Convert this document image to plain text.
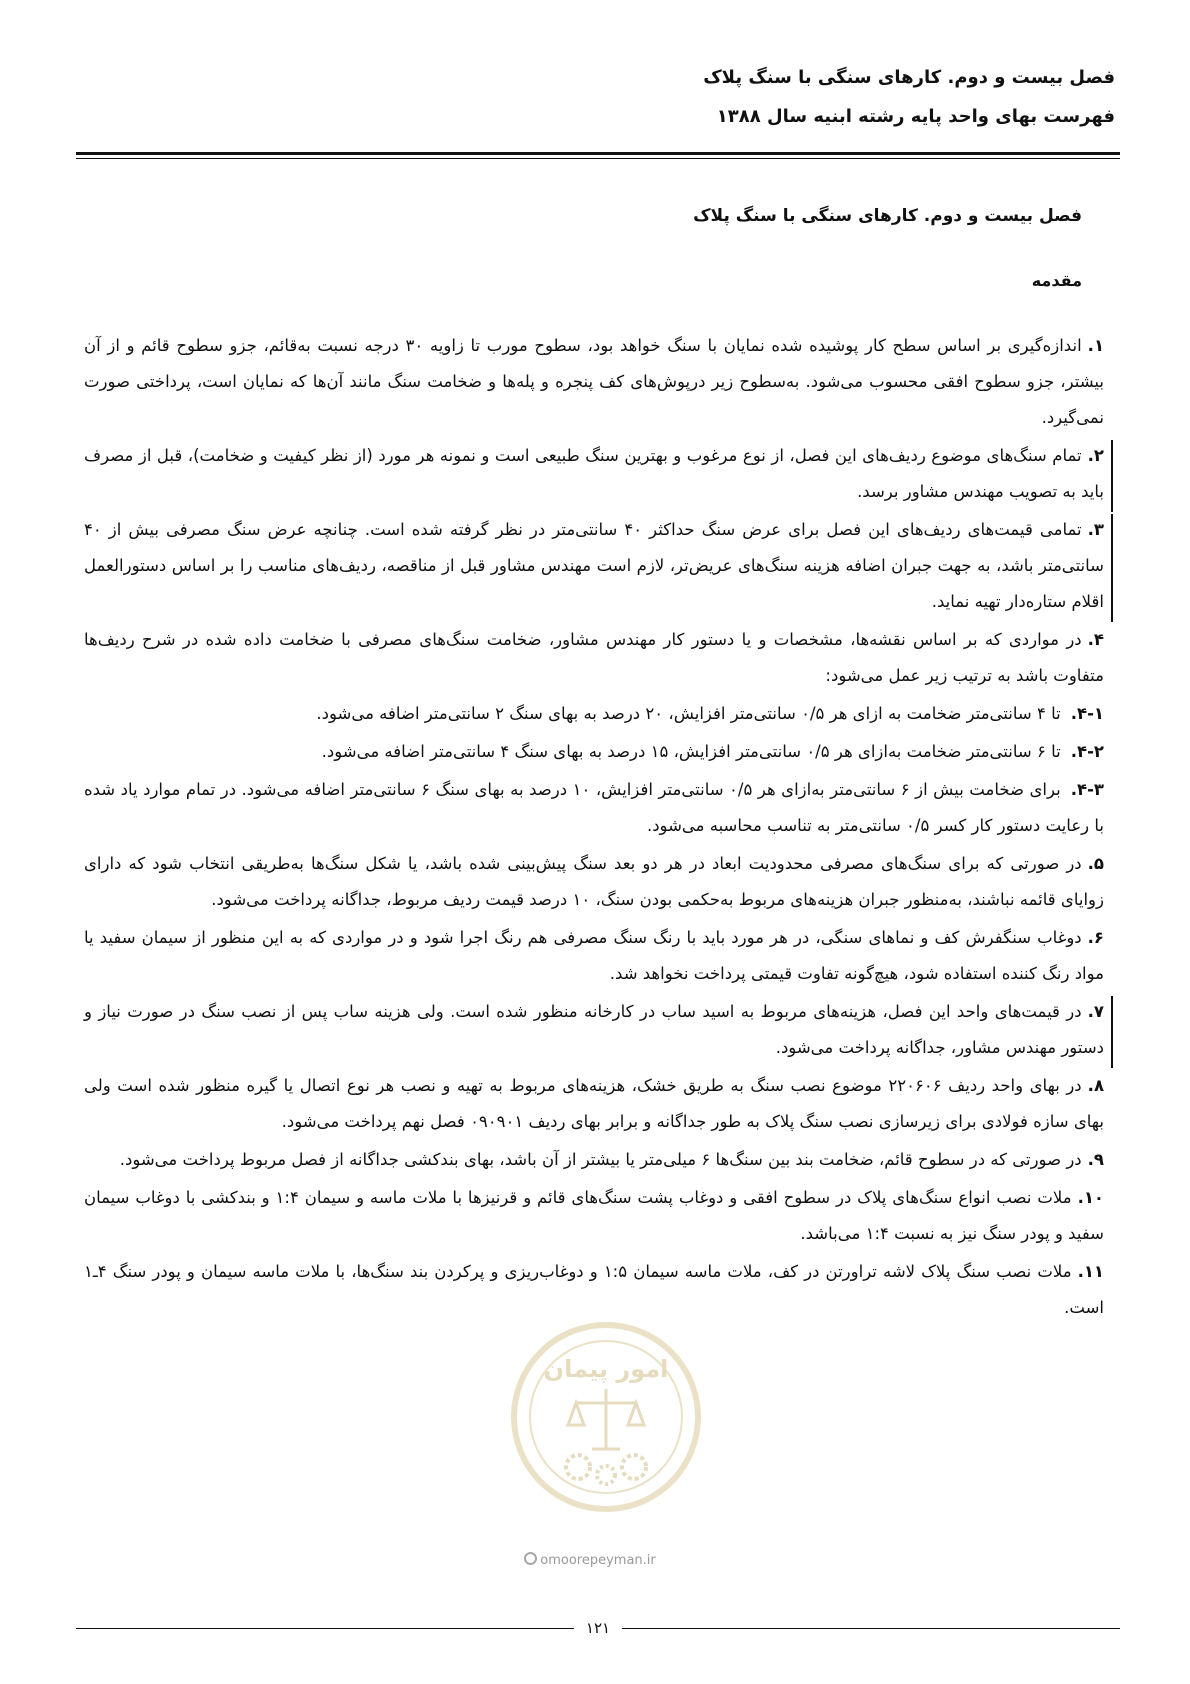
فصل بیست و دوم. کارهای سنگی با سنگ پلاک
فهرست بهای واحد پایه رشته ابنیه سال ۱۳۸۸
فصل بیست و دوم. کارهای سنگی با سنگ پلاک
مقدمه
امور پیمان
omoorepeyman.ir

۱.اندازه‌گیری بر اساس سطح کار پوشیده شده نمایان با سنگ خواهد بود، سطوح مورب تا زاویه ۳۰ درجه نسبت به‌قائم، جزو سطوح قائم و از آن بیشتر، جزو سطوح افقی محسوب می‌شود. به‌سطوح زیر درپوش‌های کف پنجره و پله‌ها و ضخامت سنگ مانند آن‌ها که نمایان است، پرداختی صورت نمی‌گیرد.

۲.تمام سنگ‌های موضوع ردیف‌های این فصل، از نوع مرغوب و بهترین سنگ طبیعی است و نمونه هر مورد (از نظر کیفیت و ضخامت)، قبل از مصرف باید به تصویب مهندس مشاور برسد.

۳.تمامی قیمت‌های ردیف‌های این فصل برای عرض سنگ حداکثر ۴۰ سانتی‌متر در نظر گرفته شده است. چنانچه عرض سنگ مصرفی بیش از ۴۰ سانتی‌متر باشد، به جهت جبران اضافه هزینه سنگ‌های عریض‌تر، لازم است مهندس مشاور قبل از مناقصه، ردیف‌های مناسب را بر اساس دستورالعمل اقلام ستاره‌دار تهیه نماید.

۴.در مواردی که بر اساس نقشه‌ها، مشخصات و یا دستور کار مهندس مشاور، ضخامت سنگ‌های مصرفی با ضخامت داده شده در شرح ردیف‌ها متفاوت باشد به ترتیب زیر عمل می‌شود:

۴-۱.تا ۴ سانتی‌متر ضخامت به ازای هر ۰/۵ سانتی‌متر افزایش، ۲۰ درصد به بهای سنگ ۲ سانتی‌متر اضافه می‌شود.

۴-۲.تا ۶ سانتی‌متر ضخامت به‌ازای هر ۰/۵ سانتی‌متر افزایش، ۱۵ درصد به بهای سنگ ۴ سانتی‌متر اضافه می‌شود.

۴-۳.برای ضخامت بیش از ۶ سانتی‌متر به‌ازای هر ۰/۵ سانتی‌متر افزایش، ۱۰ درصد به بهای سنگ ۶ سانتی‌متر اضافه می‌شود. در تمام موارد یاد شده با رعایت دستور کار کسر ۰/۵ سانتی‌متر به تناسب محاسبه می‌شود.

۵.در صورتی که برای سنگ‌های مصرفی محدودیت ابعاد در هر دو بعد سنگ پیش‌بینی شده باشد، یا شکل سنگ‌ها به‌طریقی انتخاب شود که دارای زوایای قائمه نباشند، به‌منظور جبران هزینه‌های مربوط به‌حکمی بودن سنگ، ۱۰ درصد قیمت ردیف مربوط، جداگانه پرداخت می‌شود.

۶.دوغاب سنگفرش کف و نماهای سنگی، در هر مورد باید با رنگ سنگ مصرفی هم رنگ اجرا شود و در مواردی که به این منظور از سیمان سفید یا مواد رنگ کننده استفاده شود، هیچ‌گونه تفاوت قیمتی پرداخت نخواهد شد.

۷.در قیمت‌های واحد این فصل، هزینه‌های مربوط به اسید ساب در کارخانه منظور شده است. ولی هزینه ساب پس از نصب سنگ در صورت نیاز و دستور مهندس مشاور، جداگانه پرداخت می‌شود.

۸.در بهای واحد ردیف ۲۲۰۶۰۶ موضوع نصب سنگ به طریق خشک، هزینه‌های مربوط به تهیه و نصب هر نوع اتصال یا گیره منظور شده است ولی بهای سازه فولادی برای زیرسازی نصب سنگ پلاک به طور جداگانه و برابر بهای ردیف ۰۹۰۹۰۱ فصل نهم پرداخت می‌شود.

۹.در صورتی که در سطوح قائم، ضخامت بند بین سنگ‌ها ۶ میلی‌متر یا بیشتر از آن باشد، بهای بندکشی جداگانه از فصل مربوط پرداخت می‌شود.

۱۰.ملات نصب انواع سنگ‌های پلاک در سطوح افقی و دوغاب پشت سنگ‌های قائم و قرنیزها با ملات ماسه و سیمان ۱:۴ و بندکشی با دوغاب سیمان سفید و پودر سنگ نیز به نسبت ۱:۴ می‌باشد.

۱۱.ملات نصب سنگ پلاک لاشه تراورتن در کف، ملات ماسه سیمان ۱:۵ و دوغاب‌ریزی و پرکردن بند سنگ‌ها، با ملات ماسه سیمان و پودر سنگ ۴ـ۱ است.

۱۲۱
